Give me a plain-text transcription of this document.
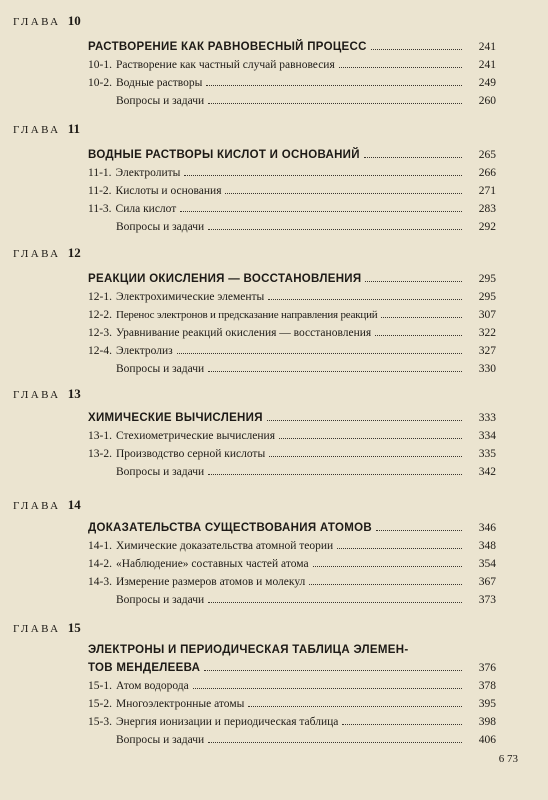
ГЛАВА 10
РАСТВОРЕНИЕ КАК РАВНОВЕСНЫЙ ПРОЦЕСС	241
10-1. Растворение как частный случай равновесия	241
10-2. Водные растворы	249
Вопросы и задачи	260
ГЛАВА 11
ВОДНЫЕ РАСТВОРЫ КИСЛОТ И ОСНОВАНИЙ	265
11-1. Электролиты	266
11-2. Кислоты и основания	271
11-3. Сила кислот	283
Вопросы и задачи	292
ГЛАВА 12
РЕАКЦИИ ОКИСЛЕНИЯ — ВОССТАНОВЛЕНИЯ	295
12-1. Электрохимические элементы	295
12-2. Перенос электронов и предсказание направления реакций	307
12-3. Уравнивание реакций окисления — восстановления	322
12-4. Электролиз	327
Вопросы и задачи	330
ГЛАВА 13
ХИМИЧЕСКИЕ ВЫЧИСЛЕНИЯ	333
13-1. Стехиометрические вычисления	334
13-2. Производство серной кислоты	335
Вопросы и задачи	342
ГЛАВА 14
ДОКАЗАТЕЛЬСТВА СУЩЕСТВОВАНИЯ АТОМОВ	346
14-1. Химические доказательства атомной теории	348
14-2. «Наблюдение» составных частей атома	354
14-3. Измерение размеров атомов и молекул	367
Вопросы и задачи	373
ГЛАВА 15
ЭЛЕКТРОНЫ И ПЕРИОДИЧЕСКАЯ ТАБЛИЦА ЭЛЕМЕН-
ТОВ МЕНДЕЛЕЕВА	376
15-1. Атом водорода	378
15-2. Многоэлектронные атомы	395
15-3. Энергия ионизации и периодическая таблица	398
Вопросы и задачи	406
6 73
